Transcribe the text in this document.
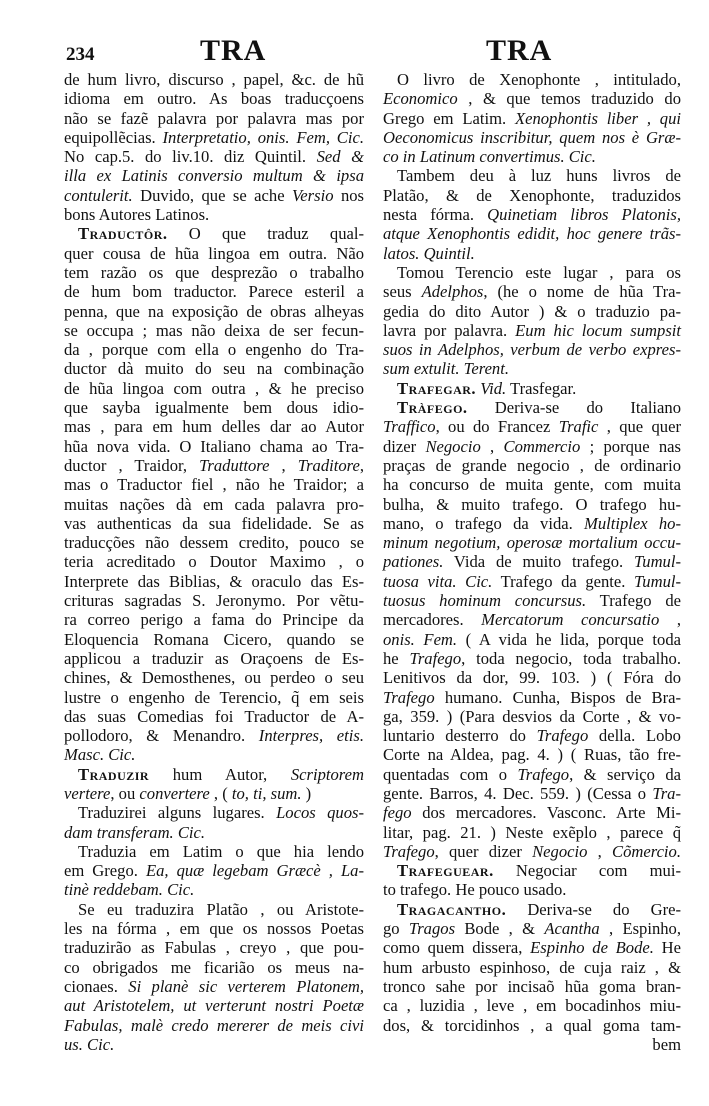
234	TRA	TRA
de hum livro, discurso , papel, &c. de hũ
idioma em outro. As boas traducçoens
não se fazẽ palavra por palavra mas por
equipollẽcias. Interpretatio, onis. Fem, Cic.
No cap.5. do liv.10. diz Quintil. Sed &
illa ex Latinis conversio multum & ipsa
contulerit. Duvido, que se ache Versio nos
bons Autores Latinos.
Traductôr. O que traduz qual-
quer cousa de hũa lingoa em outra. Não
tem razão os que desprezão o trabalho
de hum bom traductor. Parece esteril a
penna, que na exposição de obras alheyas
se occupa ; mas não deixa de ser fecun-
da , porque com ella o engenho do Tra-
ductor dà muito do seu na combinação
de hũa lingoa com outra , & he preciso
que sayba igualmente bem dous idio-
mas , para em hum delles dar ao Autor
hũa nova vida. O Italiano chama ao Tra-
ductor , Traidor, Traduttore , Traditore,
mas o Traductor fiel , não he Traidor; a
muitas nações dà em cada palavra pro-
vas authenticas da sua fidelidade. Se as
traducções não dessem credito, pouco se
teria acreditado o Doutor Maximo , o
Interprete das Biblias, & oraculo das Es-
crituras sagradas S. Jeronymo. Por vẽtu-
ra correo perigo a fama do Principe da
Eloquencia Romana Cicero, quando se
applicou a traduzir as Oraçoens de Es-
chines, & Demosthenes, ou perdeo o seu
lustre o engenho de Terencio, q̃ em seis
das suas Comedias foi Traductor de A-
pollodoro, & Menandro. Interpres, etis.
Masc. Cic.
Traduzir hum Autor, Scriptorem
vertere, ou convertere , ( to, ti, sum. )
Traduzirei alguns lugares. Locos quos-
dam transferam. Cic.
Traduzia em Latim o que hia lendo
em Grego. Ea, quæ legebam Græcè , La-
tinè reddebam. Cic.
Se eu traduzira Platão , ou Aristote-
les na fórma , em que os nossos Poetas
traduzirão as Fabulas , creyo , que pou-
co obrigados me ficarião os meus na-
cionaes. Si planè sic verterem Platonem,
aut Aristotelem, ut verterunt nostri Poetæ
Fabulas, malè credo mererer de meis civi
us. Cic.
O livro de Xenophonte , intitulado,
Economico , & que temos traduzido do
Grego em Latim. Xenophontis liber , qui
Oeconomicus inscribitur, quem nos è Græ-
co in Latinum convertimus. Cic.
Tambem deu à luz huns livros de
Platão, & de Xenophonte, traduzidos
nesta fórma. Quinetiam libros Platonis,
atque Xenophontis edidit, hoc genere trãs-
latos. Quintil.
Tomou Terencio este lugar , para os
seus Adelphos, (he o nome de hũa Tra-
gedia do dito Autor ) & o traduzio pa-
lavra por palavra. Eum hic locum sumpsit
suos in Adelphos, verbum de verbo expres-
sum extulit. Terent.
Trafegar. Vid. Trasfegar.
Tràfego. Deriva-se do Italiano
Traffico, ou do Francez Trafic , que quer
dizer Negocio , Commercio ; porque nas
praças de grande negocio , de ordinario
ha concurso de muita gente, com muita
bulha, & muito trafego. O trafego hu-
mano, o trafego da vida. Multiplex ho-
minum negotium, operosæ mortalium occu-
pationes. Vida de muito trafego. Tumul-
tuosa vita. Cic. Trafego da gente. Tumul-
tuosus hominum concursus. Trafego de
mercadores. Mercatorum concursatio ,
onis. Fem. ( A vida he lida, porque toda
he Trafego, toda negocio, toda trabalho.
Lenitivos da dor, 99. 103. ) ( Fóra do
Trafego humano. Cunha, Bispos de Bra-
ga, 359. ) (Para desvios da Corte , & vo-
luntario desterro do Trafego della. Lobo
Corte na Aldea, pag. 4. ) ( Ruas, tão fre-
quentadas com o Trafego, & serviço da
gente. Barros, 4. Dec. 559. ) (Cessa o Tra-
fego dos mercadores. Vasconc. Arte Mi-
litar, pag. 21. ) Neste exẽplo , parece q̃
Trafego, quer dizer Negocio , Cõmercio.
Trafeguear. Negociar com mui-
to trafego. He pouco usado.
Tragacantho. Deriva-se do Gre-
go Tragos Bode , & Acantha , Espinho,
como quem dissera, Espinho de Bode. He
hum arbusto espinhoso, de cuja raiz , &
tronco sahe por incisaõ hũa goma bran-
ca , luzidia , leve , em bocadinhos miu-
dos, & torcidinhos , a qual goma tam-
bem
